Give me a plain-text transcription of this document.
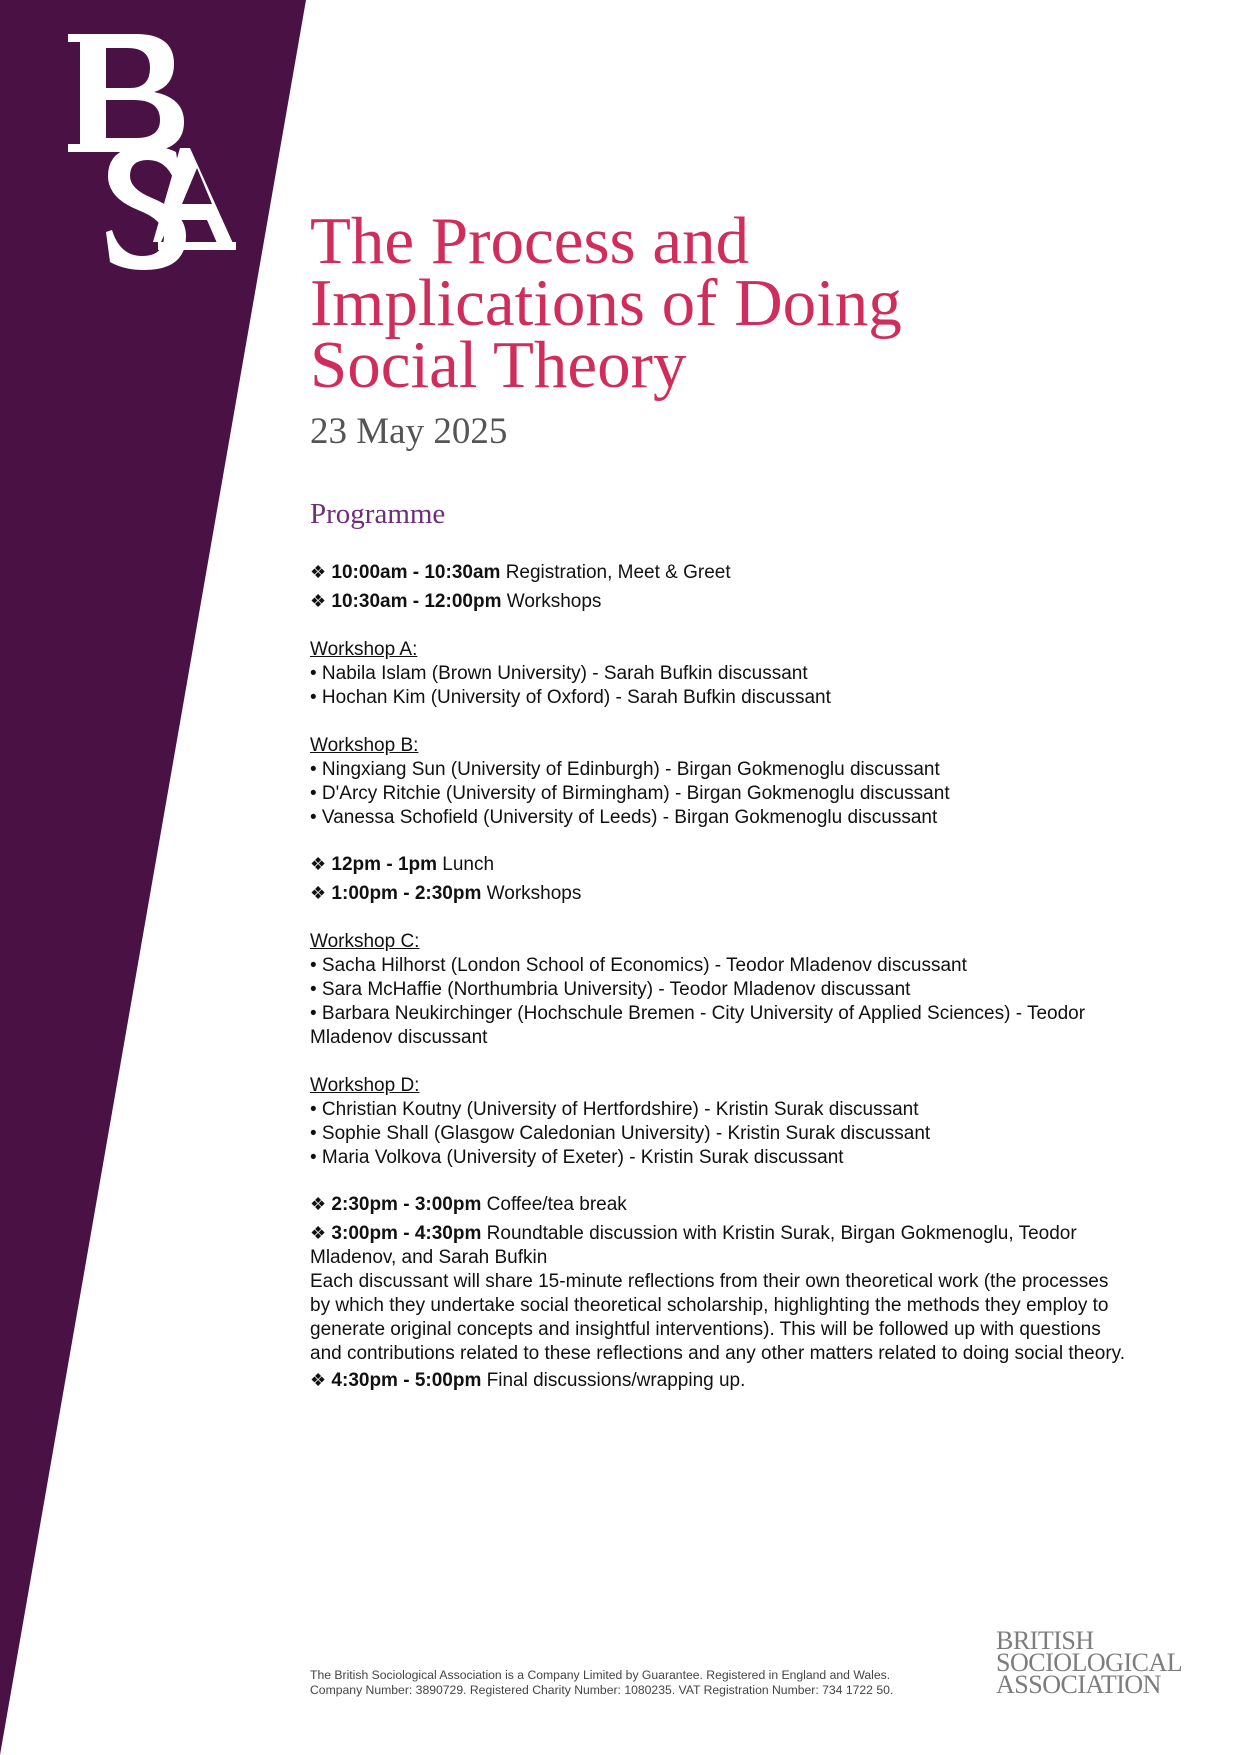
The Process and
Implications of Doing
Social Theory
23 May 2025
Programme
❖ 10:00am - 10:30am Registration, Meet & Greet
❖ 10:30am - 12:00pm Workshops
Workshop A:
• Nabila Islam (Brown University) - Sarah Bufkin discussant
• Hochan Kim (University of Oxford) - Sarah Bufkin discussant
Workshop B:
• Ningxiang Sun (University of Edinburgh) - Birgan Gokmenoglu discussant
• D'Arcy Ritchie (University of Birmingham) - Birgan Gokmenoglu discussant
• Vanessa Schofield (University of Leeds) - Birgan Gokmenoglu discussant
❖ 12pm - 1pm Lunch
❖ 1:00pm - 2:30pm Workshops
Workshop C:
• Sacha Hilhorst (London School of Economics) - Teodor Mladenov discussant
• Sara McHaffie (Northumbria University) - Teodor Mladenov discussant
• Barbara Neukirchinger (Hochschule Bremen - City University of Applied Sciences) - Teodor Mladenov discussant
Workshop D:
• Christian Koutny (University of Hertfordshire) - Kristin Surak discussant
• Sophie Shall (Glasgow Caledonian University) - Kristin Surak discussant
• Maria Volkova (University of Exeter) - Kristin Surak discussant
❖ 2:30pm - 3:00pm Coffee/tea break
❖ 3:00pm - 4:30pm Roundtable discussion with Kristin Surak, Birgan Gokmenoglu, Teodor Mladenov, and Sarah Bufkin
Each discussant will share 15-minute reflections from their own theoretical work (the processes by which they undertake social theoretical scholarship, highlighting the methods they employ to generate original concepts and insightful interventions). This will be followed up with questions and contributions related to these reflections and any other matters related to doing social theory.
❖ 4:30pm - 5:00pm Final discussions/wrapping up.
The British Sociological Association is a Company Limited by Guarantee. Registered in England and Wales.
Company Number: 3890729. Registered Charity Number: 1080235. VAT Registration Number: 734 1722 50.
BRITISH
SOCIOLOGICAL
ASSOCIATION
